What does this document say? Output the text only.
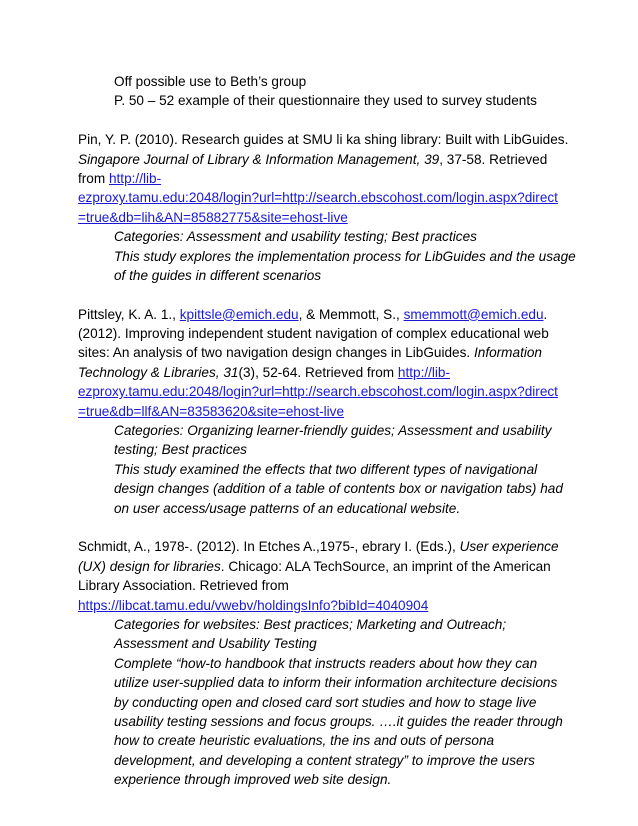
Off possible use to Beth’s group
P. 50 – 52 example of their questionnaire they used to survey students
Pin, Y. P. (2010). Research guides at SMU li ka shing library: Built with LibGuides.
Singapore Journal of Library & Information Management, 39, 37-58. Retrieved
from http://lib-
ezproxy.tamu.edu:2048/login?url=http://search.ebscohost.com/login.aspx?direct
=true&db=lih&AN=85882775&site=ehost-live
Categories: Assessment and usability testing; Best practices
This study explores the implementation process for LibGuides and the usage
of the guides in different scenarios
Pittsley, K. A. 1., kpittsle@emich.edu, & Memmott, S., smemmott@emich.edu.
(2012). Improving independent student navigation of complex educational web
sites: An analysis of two navigation design changes in LibGuides. Information
Technology & Libraries, 31(3), 52-64. Retrieved from http://lib-
ezproxy.tamu.edu:2048/login?url=http://search.ebscohost.com/login.aspx?direct
=true&db=llf&AN=83583620&site=ehost-live
Categories: Organizing learner-friendly guides; Assessment and usability
testing; Best practices
This study examined the effects that two different types of navigational
design changes (addition of a table of contents box or navigation tabs) had
on user access/usage patterns of an educational website.
Schmidt, A., 1978-. (2012). In Etches A.,1975-, ebrary I. (Eds.), User experience
(UX) design for libraries. Chicago: ALA TechSource, an imprint of the American
Library Association. Retrieved from
https://libcat.tamu.edu/vwebv/holdingsInfo?bibId=4040904
Categories for websites: Best practices; Marketing and Outreach;
Assessment and Usability Testing
Complete “how-to handbook that instructs readers about how they can
utilize user-supplied data to inform their information architecture decisions
by conducting open and closed card sort studies and how to stage live
usability testing sessions and focus groups. ….it guides the reader through
how to create heuristic evaluations, the ins and outs of persona
development, and developing a content strategy” to improve the users
experience through improved web site design.
